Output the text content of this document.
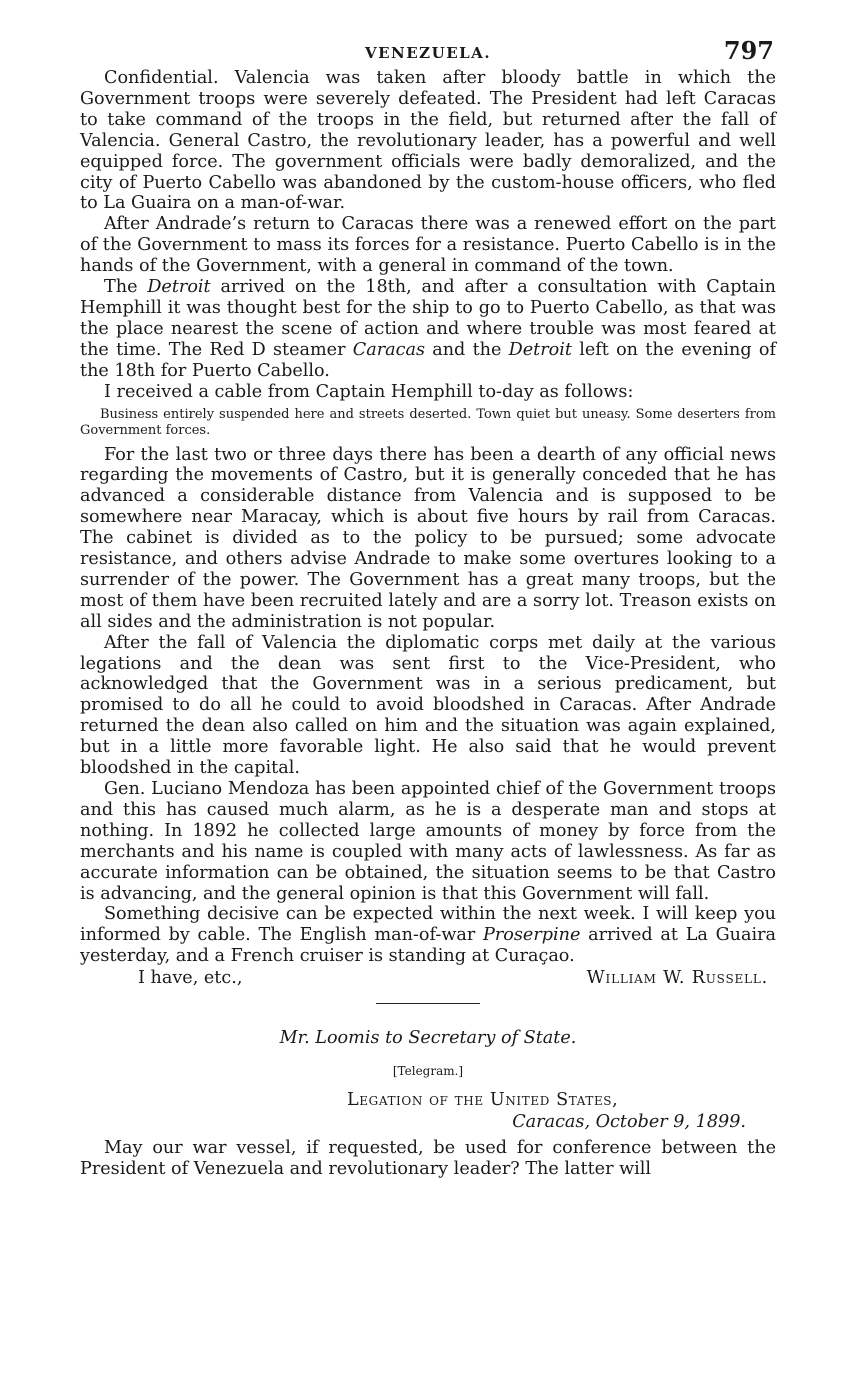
VENEZUELA.	797

Confidential. Valencia was taken after bloody battle in which the Government troops were severely defeated. The President had left Caracas to take command of the troops in the field, but returned after the fall of Valencia. General Castro, the revolutionary leader, has a powerful and well equipped force. The government officials were badly demoralized, and the city of Puerto Cabello was abandoned by the custom-house officers, who fled to La Guaira on a man-of-war.

After Andrade’s return to Caracas there was a renewed effort on the part of the Government to mass its forces for a resistance. Puerto Cabello is in the hands of the Government, with a general in command of the town.

The Detroit arrived on the 18th, and after a consultation with Captain Hemphill it was thought best for the ship to go to Puerto Cabello, as that was the place nearest the scene of action and where trouble was most feared at the time. The Red D steamer Caracas and the Detroit left on the evening of the 18th for Puerto Cabello.

I received a cable from Captain Hemphill to-day as follows:

Business entirely suspended here and streets deserted. Town quiet but uneasy. Some deserters from Government forces.

For the last two or three days there has been a dearth of any official news regarding the movements of Castro, but it is generally conceded that he has advanced a considerable distance from Valencia and is supposed to be somewhere near Maracay, which is about five hours by rail from Caracas. The cabinet is divided as to the policy to be pursued; some advocate resistance, and others advise Andrade to make some overtures looking to a surrender of the power. The Government has a great many troops, but the most of them have been recruited lately and are a sorry lot. Treason exists on all sides and the administration is not popular.

After the fall of Valencia the diplomatic corps met daily at the various legations and the dean was sent first to the Vice-President, who acknowledged that the Government was in a serious predicament, but promised to do all he could to avoid bloodshed in Caracas. After Andrade returned the dean also called on him and the situation was again explained, but in a little more favorable light. He also said that he would prevent bloodshed in the capital.

Gen. Luciano Mendoza has been appointed chief of the Government troops and this has caused much alarm, as he is a desperate man and stops at nothing. In 1892 he collected large amounts of money by force from the merchants and his name is coupled with many acts of lawlessness. As far as accurate information can be obtained, the situation seems to be that Castro is advancing, and the general opinion is that this Government will fall.

Something decisive can be expected within the next week. I will keep you informed by cable. The English man-of-war Proserpine arrived at La Guaira yesterday, and a French cruiser is standing at Curaçao.

I have, etc.,	William W. Russell.
Mr. Loomis to Secretary of State.
[Telegram.]
Legation of the United States,
Caracas, October 9, 1899.

May our war vessel, if requested, be used for conference between the President of Venezuela and revolutionary leader? The latter will
